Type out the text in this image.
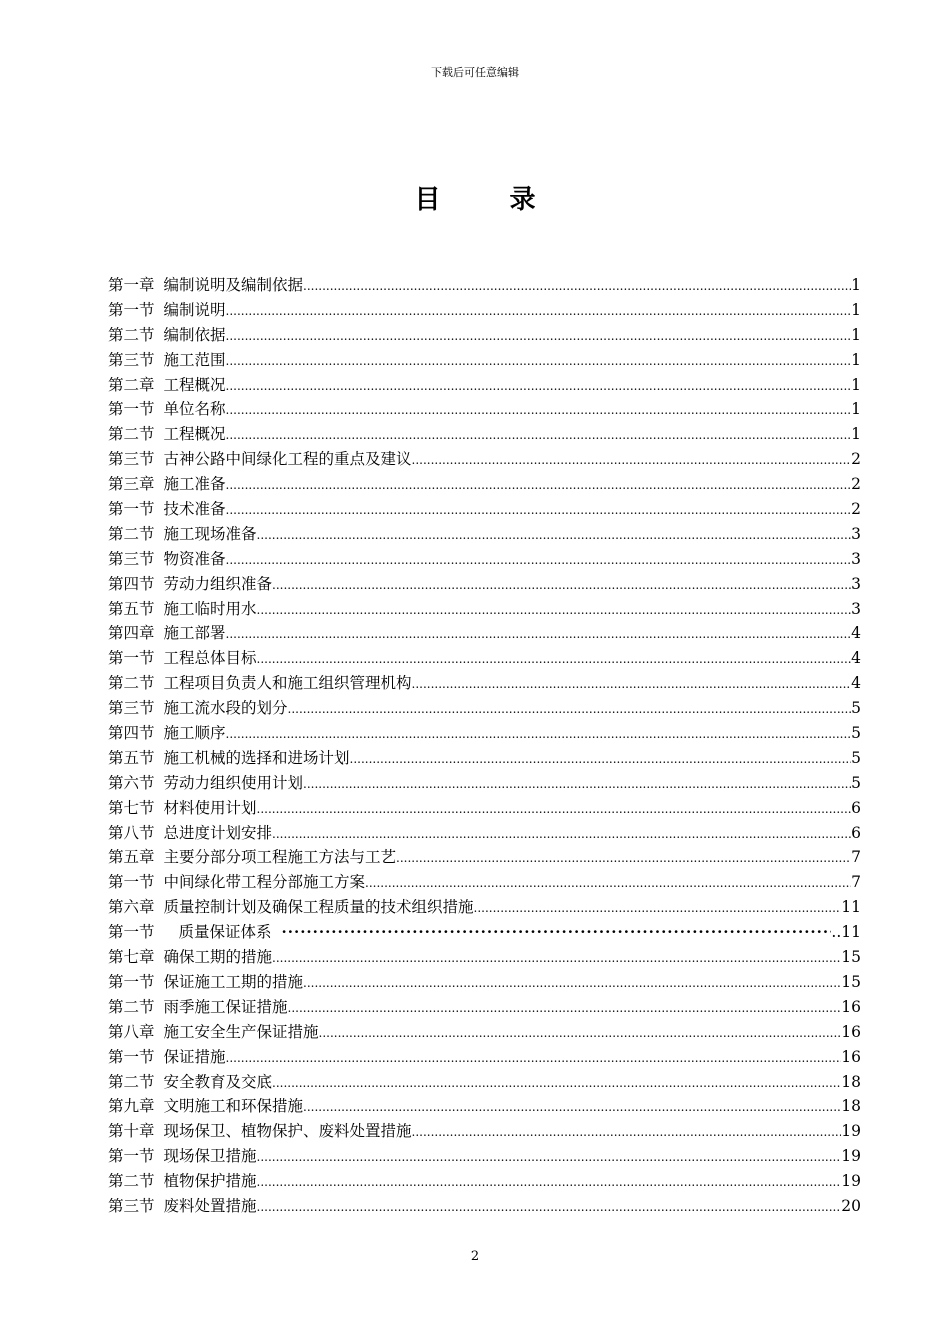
下载后可任意编辑
目 录
第一章 编制说明及编制依据 .....	1
第一节 编制说明 .....	1
第二节 编制依据 .....	1
第三节 施工范围 .....	1
第二章 工程概况 .....	1
第一节 单位名称 .....	1
第二节 工程概况 .....	1
第三节 古神公路中间绿化工程的重点及建议 .....	2
第三章 施工准备 .....	2
第一节 技术准备 .....	2
第二节 施工现场准备 .....	3
第三节 物资准备 .....	3
第四节 劳动力组织准备 .....	3
第五节 施工临时用水 .....	3
第四章 施工部署 .....	4
第一节 工程总体目标 .....	4
第二节 工程项目负责人和施工组织管理机构 .....	4
第三节 施工流水段的划分 .....	5
第四节 施工顺序 .....	5
第五节 施工机械的选择和进场计划 .....	5
第六节 劳动力组织使用计划 .....	5
第七节 材料使用计划 .....	6
第八节 总进度计划安排 .....	6
第五章 主要分部分项工程施工方法与工艺 .....	7
第一节 中间绿化带工程分部施工方案 .....	7
第六章 质量控制计划及确保工程质量的技术组织措施 .....	11
第一节 质量保证体系 ·····	..11
第七章 确保工期的措施 .....	15
第一节 保证施工工期的措施 .....	15
第二节 雨季施工保证措施 .....	16
第八章 施工安全生产保证措施 .....	16
第一节 保证措施 .....	16
第二节 安全教育及交底 .....	18
第九章 文明施工和环保措施 .....	18
第十章 现场保卫、植物保护、废料处置措施 .....	19
第一节 现场保卫措施 .....	19
第二节 植物保护措施 .....	19
第三节 废料处置措施 .....	20
2
